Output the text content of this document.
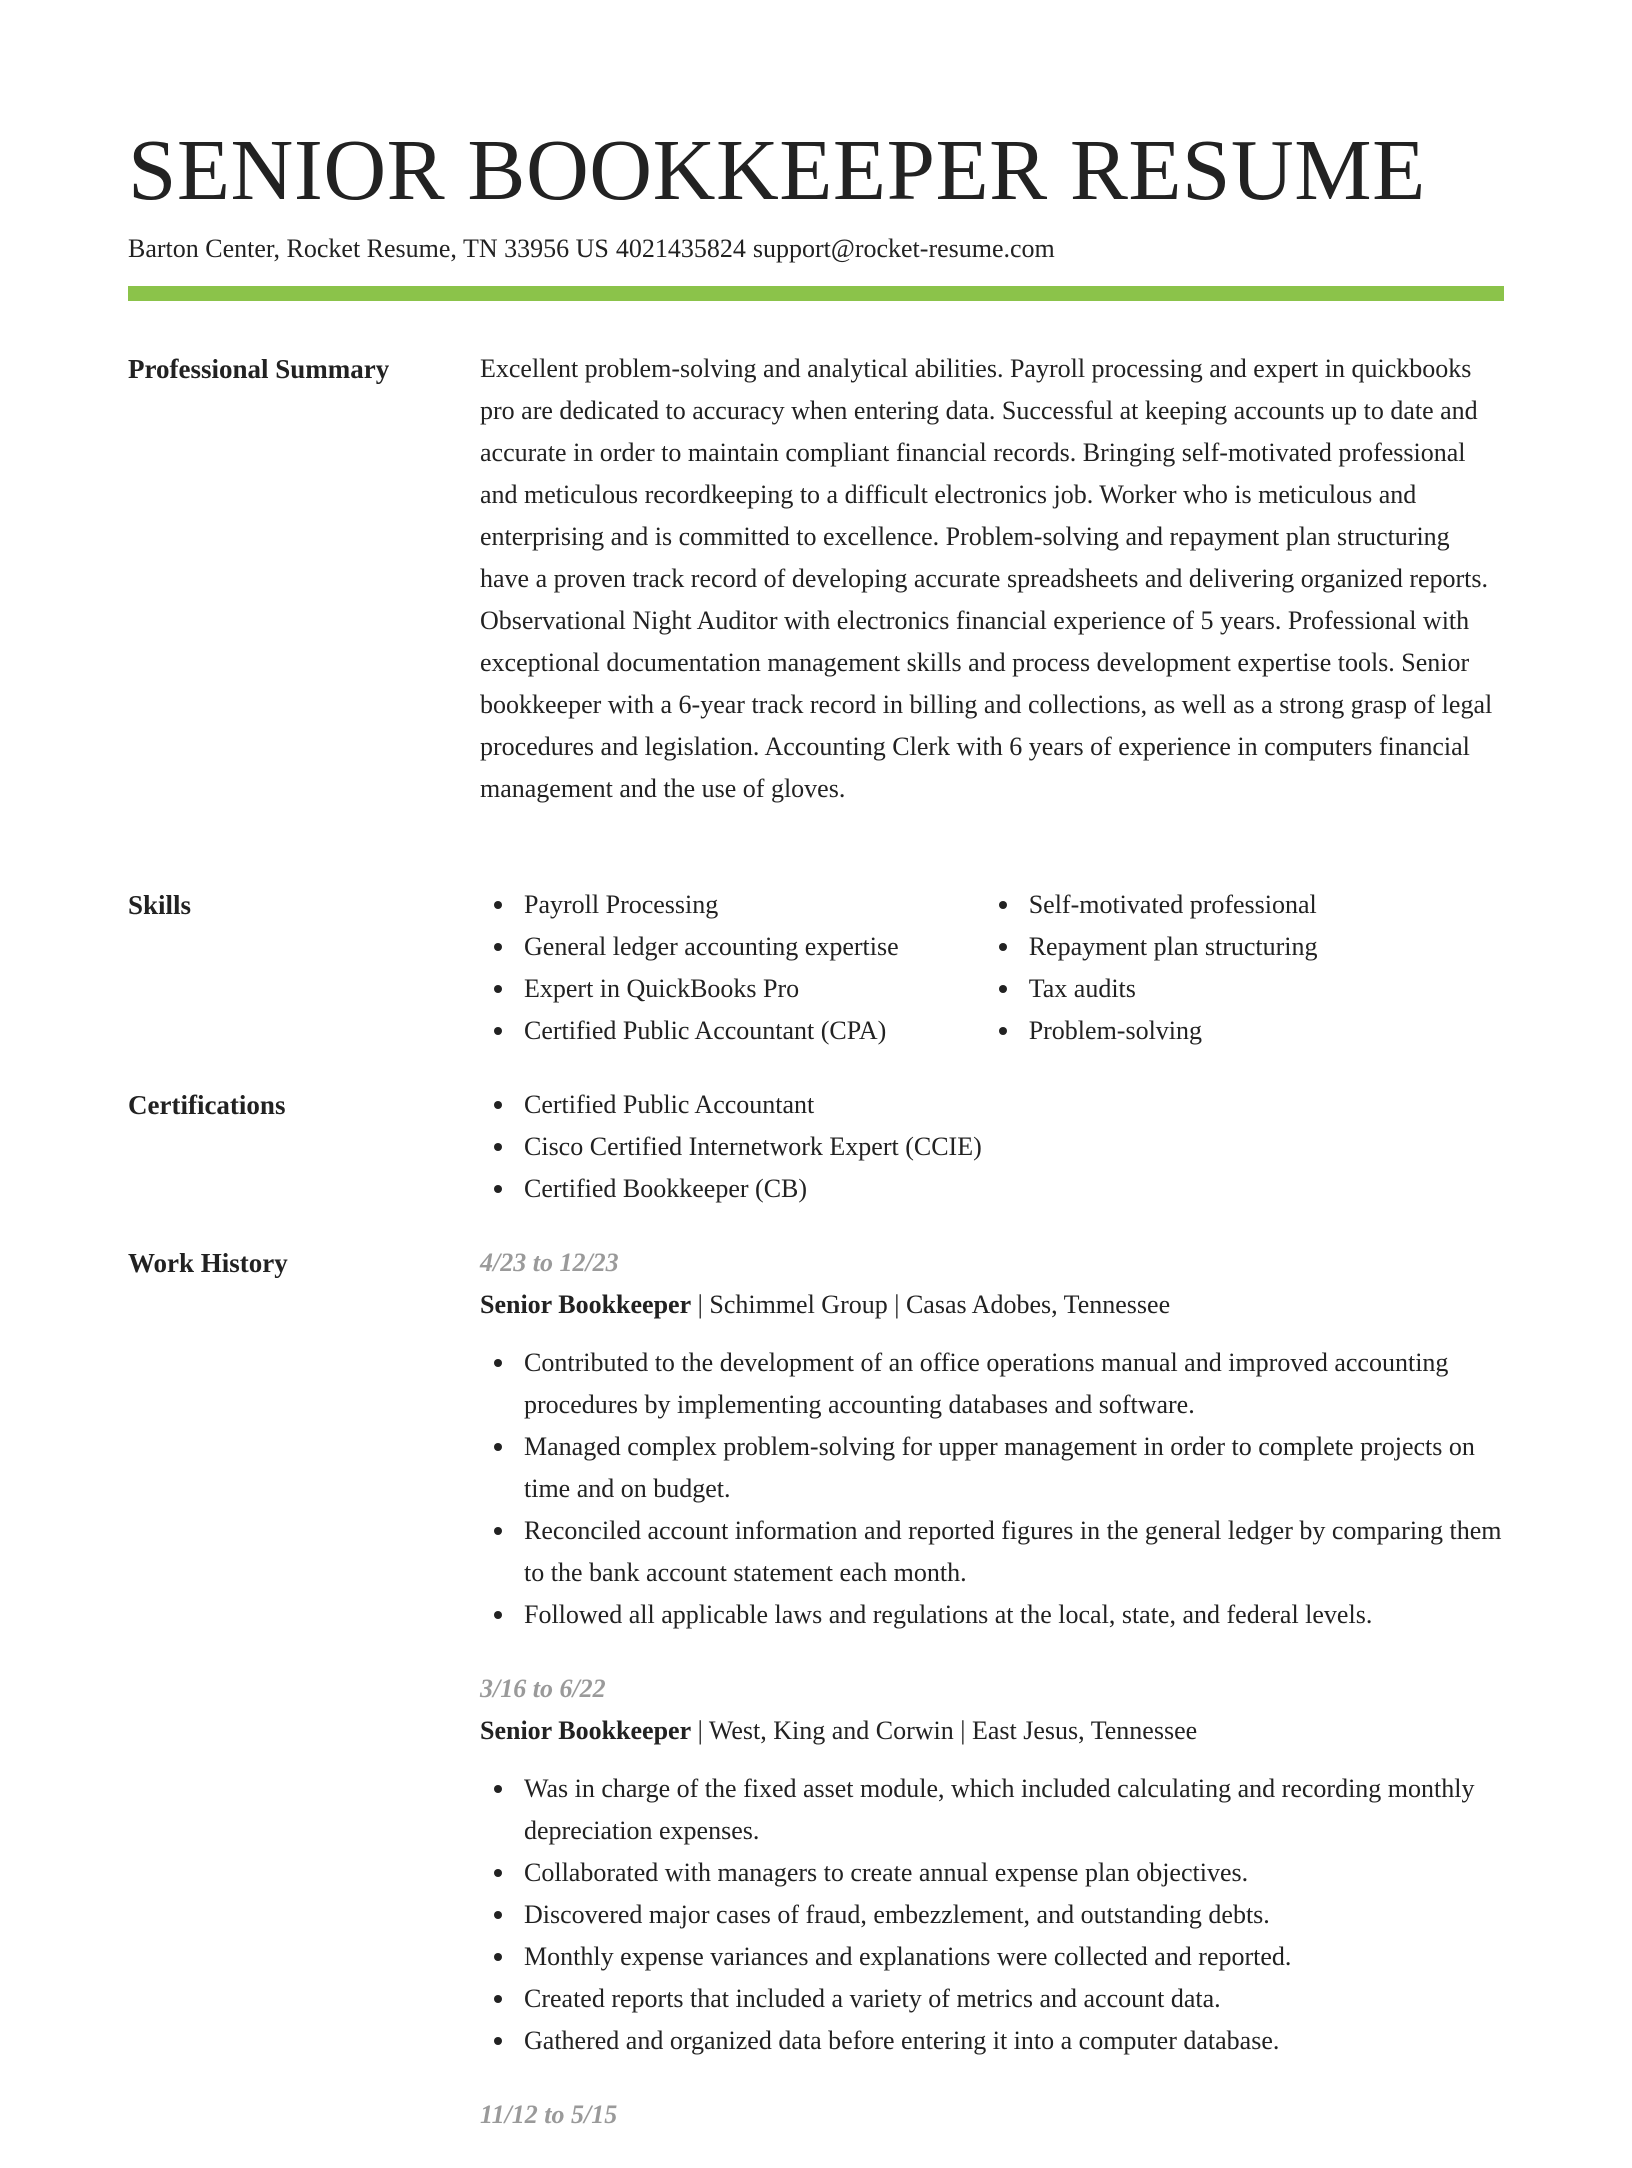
SENIOR BOOKKEEPER RESUME
Barton Center, Rocket Resume, TN 33956 US 4021435824 support@rocket-resume.com
Professional Summary	Excellent problem-solving and analytical abilities. Payroll processing and expert in quickbooks pro are dedicated to accuracy when entering data. Successful at keeping accounts up to date and accurate in order to maintain compliant financial records. Bringing self-motivated professional and meticulous recordkeeping to a difficult electronics job. Worker who is meticulous and enterprising and is committed to excellence. Problem-solving and repayment plan structuring have a proven track record of developing accurate spreadsheets and delivering organized reports. Observational Night Auditor with electronics financial experience of 5 years. Professional with exceptional documentation management skills and process development expertise tools. Senior bookkeeper with a 6-year track record in billing and collections, as well as a strong grasp of legal procedures and legislation. Accounting Clerk with 6 years of experience in computers financial management and the use of gloves.

Skills	Payroll Processing
General ledger accounting expertise
Expert in QuickBooks Pro
Certified Public Accountant (CPA)
Self-motivated professional
Repayment plan structuring
Tax audits
Problem-solving
Certifications	Certified Public Accountant
Cisco Certified Internetwork Expert (CCIE)
Certified Bookkeeper (CB)
Work History	4/23 to 12/23
Senior Bookkeeper | Schimmel Group | Casas Adobes, Tennessee
Contributed to the development of an office operations manual and improved accounting procedures by implementing accounting databases and software.
Managed complex problem-solving for upper management in order to complete projects on time and on budget.
Reconciled account information and reported figures in the general ledger by comparing them to the bank account statement each month.
Followed all applicable laws and regulations at the local, state, and federal levels.
3/16 to 6/22
Senior Bookkeeper | West, King and Corwin | East Jesus, Tennessee
Was in charge of the fixed asset module, which included calculating and recording monthly depreciation expenses.
Collaborated with managers to create annual expense plan objectives.
Discovered major cases of fraud, embezzlement, and outstanding debts.
Monthly expense variances and explanations were collected and reported.
Created reports that included a variety of metrics and account data.
Gathered and organized data before entering it into a computer database.
11/12 to 5/15
